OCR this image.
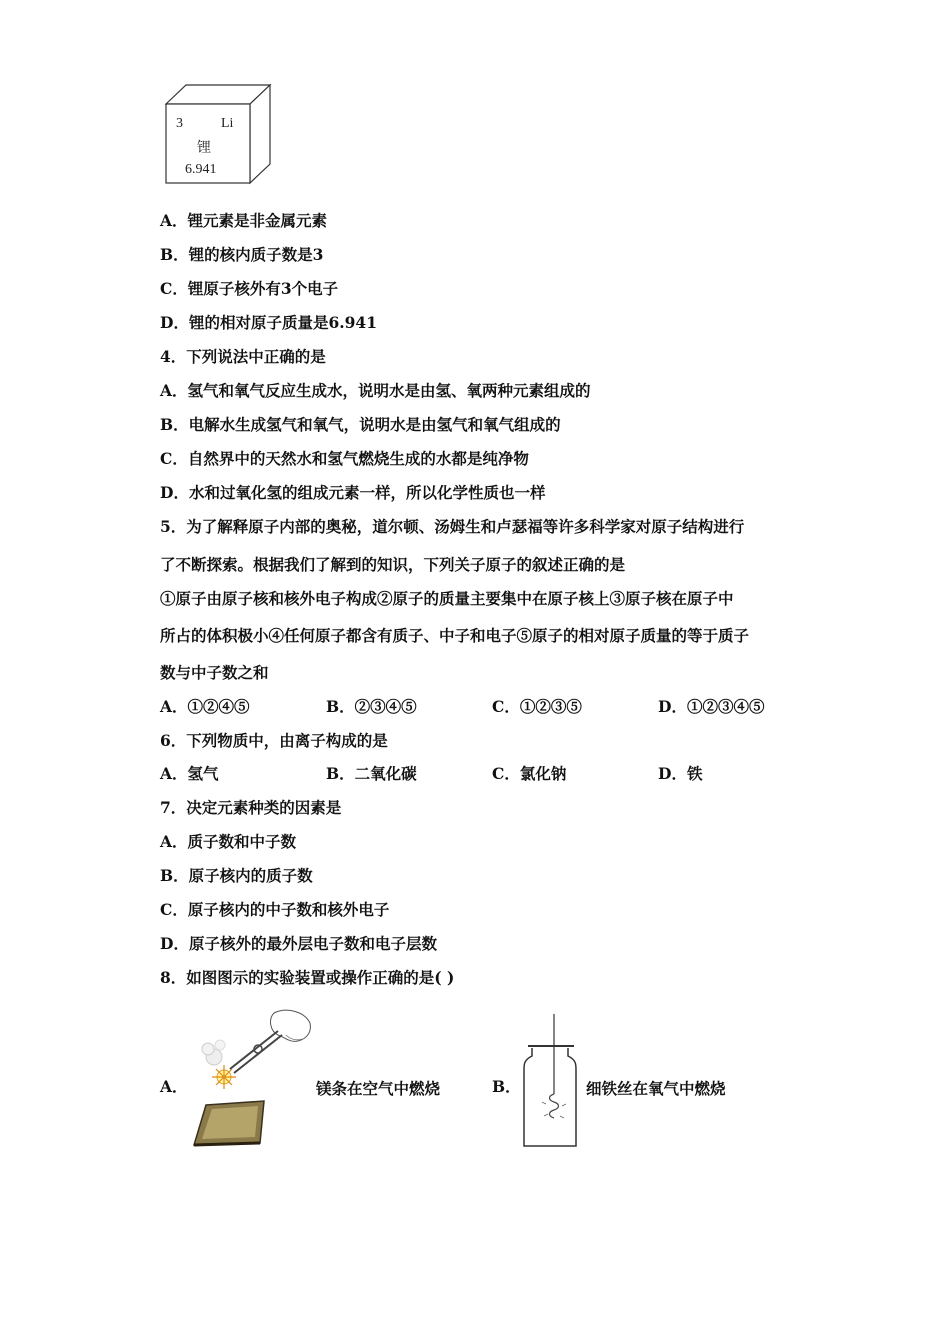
3	Li
锂
6.941
A．锂元素是非金属元素
B．锂的核内质子数是3
C．锂原子核外有3个电子
D．锂的相对原子质量是6.941
4．下列说法中正确的是
A．氢气和氧气反应生成水，说明水是由氢、氧两种元素组成的
B．电解水生成氢气和氧气，说明水是由氢气和氧气组成的
C．自然界中的天然水和氢气燃烧生成的水都是纯净物
D．水和过氧化氢的组成元素一样，所以化学性质也一样
5．为了解释原子内部的奥秘，道尔顿、汤姆生和卢瑟福等许多科学家对原子结构进行
了不断探索。根据我们了解到的知识，下列关子原子的叙述正确的是
①原子由原子核和核外电子构成②原子的质量主要集中在原子核上③原子核在原子中
所占的体积极小④任何原子都含有质子、中子和电子⑤原子的相对原子质量的等于质子
数与中子数之和
A．①②④⑤	B．②③④⑤	C．①②③⑤	D．①②③④⑤
6．下列物质中，由离子构成的是
A．氢气	B．二氧化碳	C．氯化钠	D．铁
7．决定元素种类的因素是
A．质子数和中子数
B．原子核内的质子数
C．原子核内的中子数和核外电子
D．原子核外的最外层电子数和电子层数
8．如图图示的实验装置或操作正确的是( )
A．	镁条在空气中燃烧	B．	细铁丝在氧气中燃烧
